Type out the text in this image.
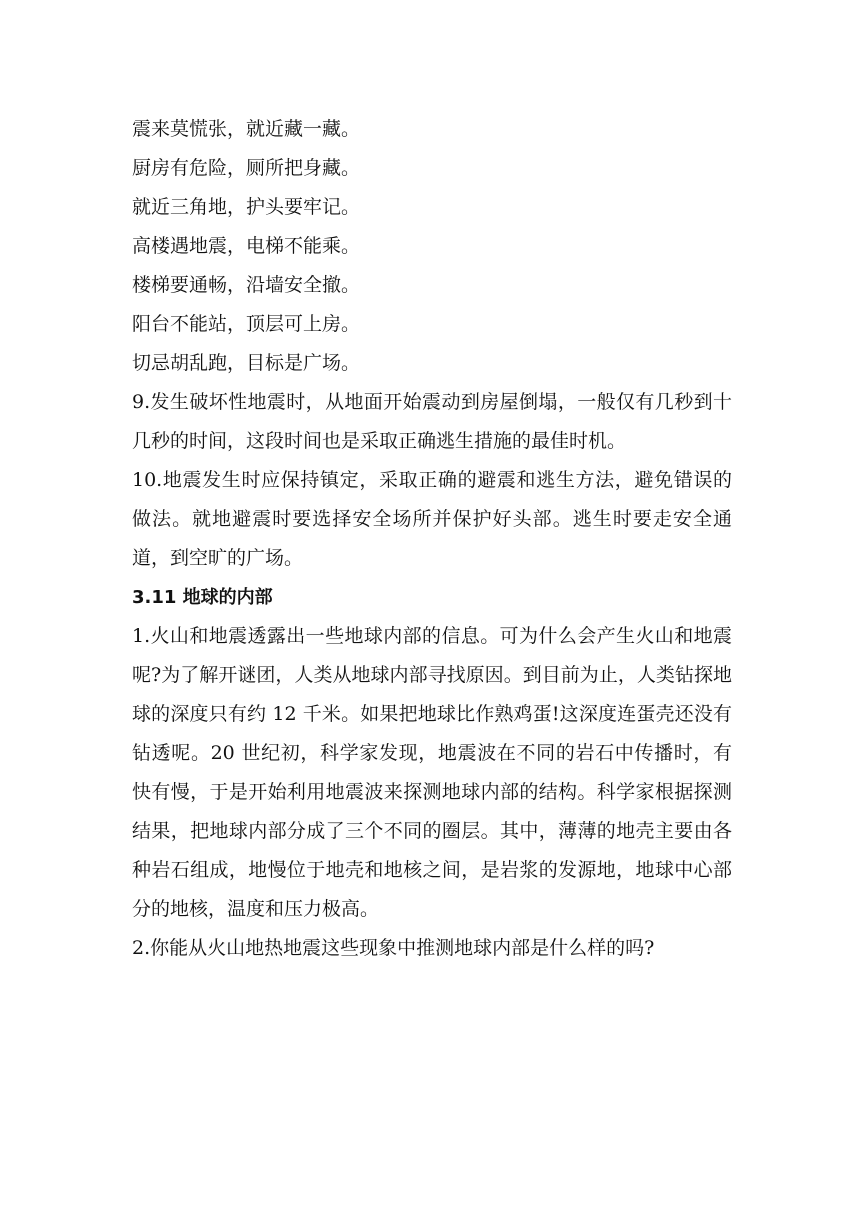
震来莫慌张，就近藏一藏。
厨房有危险，厕所把身藏。
就近三角地，护头要牢记。
高楼遇地震，电梯不能乘。
楼梯要通畅，沿墙安全撤。
阳台不能站，顶层可上房。
切忌胡乱跑，目标是广场。

9.发生破坏性地震时，从地面开始震动到房屋倒塌，一般仅有几秒到十几秒的时间，这段时间也是采取正确逃生措施的最佳时机。

10.地震发生时应保持镇定，采取正确的避震和逃生方法，避免错误的做法。就地避震时要选择安全场所并保护好头部。逃生时要走安全通道，到空旷的广场。

3.11 地球的内部

1.火山和地震透露出一些地球内部的信息。可为什么会产生火山和地震呢?为了解开谜团，人类从地球内部寻找原因。到目前为止，人类钻探地球的深度只有约 12 千米。如果把地球比作熟鸡蛋!这深度连蛋壳还没有钻透呢。20 世纪初，科学家发现，地震波在不同的岩石中传播时，有快有慢，于是开始利用地震波来探测地球内部的结构。科学家根据探测结果，把地球内部分成了三个不同的圈层。其中，薄薄的地壳主要由各种岩石组成，地慢位于地壳和地核之间，是岩浆的发源地，地球中心部分的地核，温度和压力极高。

2.你能从火山地热地震这些现象中推测地球内部是什么样的吗?
